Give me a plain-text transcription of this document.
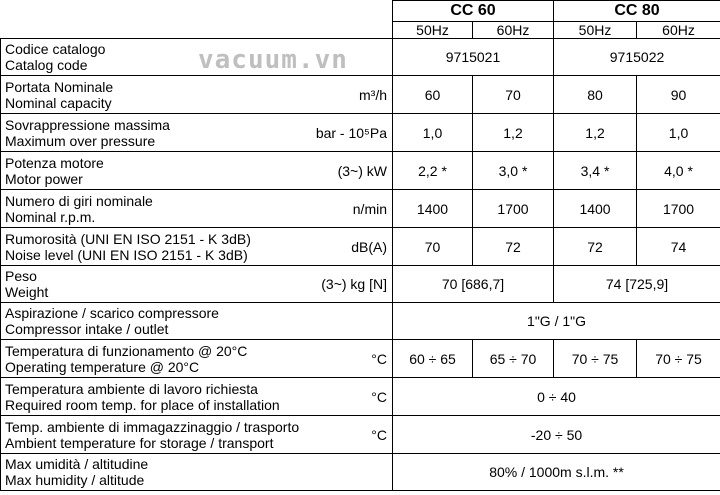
	CC 60		CC 80	
	50Hz	60Hz	50Hz	60Hz

Codice catalogo
Catalog code	9715021		9715022	

Portata Nominale
Nominal capacity m³/h	60	70	80	90

Sovrappressione massima
Maximum over pressure bar - 10⁵Pa	1,0	1,2	1,2	1,0

Potenza motore
Motor power (3~) kW	2,2 *	3,0 *	3,4 *	4,0 *

Numero di giri nominale
Nominal r.p.m. n/min	1400	1700	1400	1700

Rumorosità (UNI EN ISO 2151 - K 3dB)
Noise level (UNI EN ISO 2151 - K 3dB) dB(A)	70	72	72	74

Peso
Weight (3~) kg [N]	70 [686,7]		74 [725,9]	

Aspirazione / scarico compressore
Compressor intake / outlet	1"G / 1"G			

Temperatura di funzionamento @ 20°C
Operating temperature @ 20°C °C	60 ÷ 65	65 ÷ 70	70 ÷ 75	70 ÷ 75

Temperatura ambiente di lavoro richiesta
Required room temp. for place of installation °C	0 ÷ 40			

Temp. ambiente di immagazzinaggio / trasporto
Ambient temperature for storage / transport °C	-20 ÷ 50			

Max umidità / altitudine
Max humidity / altitude	80% / 1000m s.l.m. **			
vacuum.vn
